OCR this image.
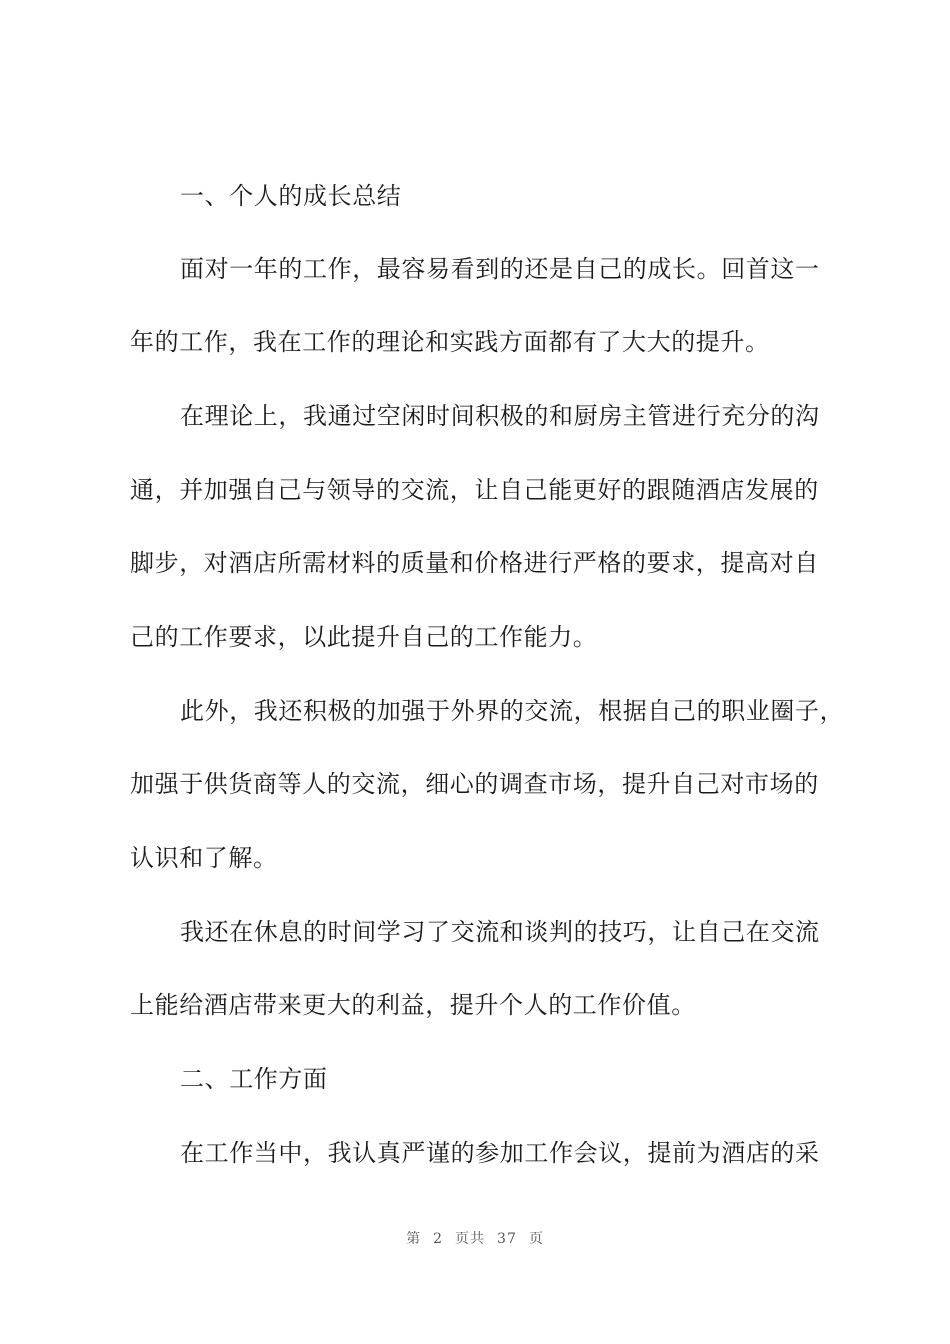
一、个人的成长总结
面对一年的工作，最容易看到的还是自己的成长。回首这一
年的工作，我在工作的理论和实践方面都有了大大的提升。
在理论上，我通过空闲时间积极的和厨房主管进行充分的沟
通，并加强自己与领导的交流，让自己能更好的跟随酒店发展的
脚步，对酒店所需材料的质量和价格进行严格的要求，提高对自
己的工作要求，以此提升自己的工作能力。
此外，我还积极的加强于外界的交流，根据自己的职业圈子，
加强于供货商等人的交流，细心的调查市场，提升自己对市场的
认识和了解。
我还在休息的时间学习了交流和谈判的技巧，让自己在交流
上能给酒店带来更大的利益，提升个人的工作价值。
二、工作方面
在工作当中，我认真严谨的参加工作会议，提前为酒店的采
第 2 页共 37 页
